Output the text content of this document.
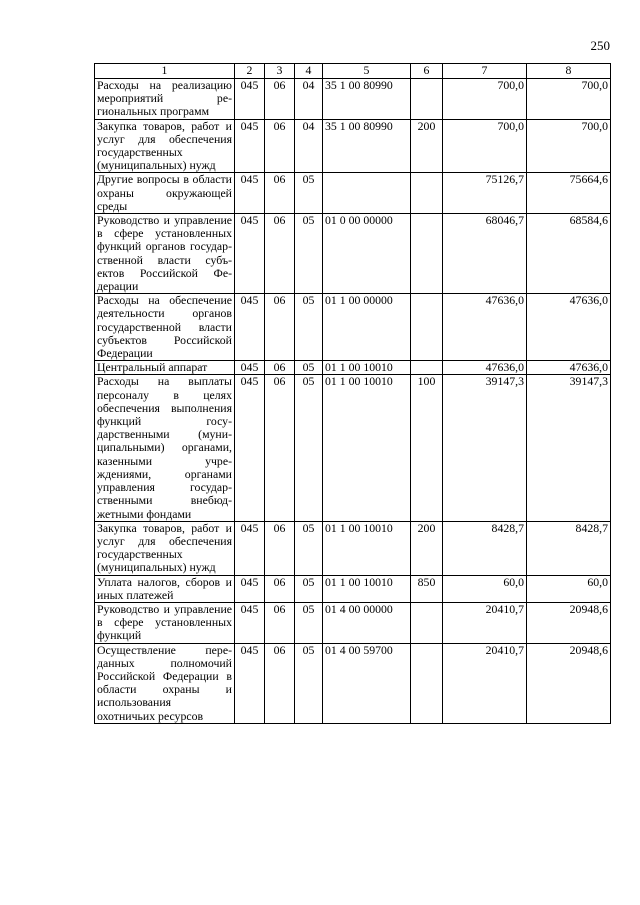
250
1	2	3	4	5	6	7	8
Расходы на реализацию мероприятий региональных программ	045	06	04	35 1 00 80990		700,0	700,0
Закупка товаров, работ и услуг для обеспечения государственных (муниципальных) нужд	045	06	04	35 1 00 80990	200	700,0	700,0
Другие вопросы в области охраны окружающей среды	045	06	05			75126,7	75664,6
Руководство и управление в сфере установленных функций органов государственной власти субъектов Российской Федерации	045	06	05	01 0 00 00000		68046,7	68584,6
Расходы на обеспечение деятельности органов государственной власти субъектов Российской Федерации	045	06	05	01 1 00 00000		47636,0	47636,0
Центральный аппарат	045	06	05	01 1 00 10010		47636,0	47636,0
Расходы на выплаты персоналу в целях обеспечения выполнения функций государственными (муниципальными) органами, казенными учреждениями, органами управления государственными внебюджетными фондами	045	06	05	01 1 00 10010	100	39147,3	39147,3
Закупка товаров, работ и услуг для обеспечения государственных (муниципальных) нужд	045	06	05	01 1 00 10010	200	8428,7	8428,7
Уплата налогов, сборов и иных платежей	045	06	05	01 1 00 10010	850	60,0	60,0
Руководство и управление в сфере установленных функций	045	06	05	01 4 00 00000		20410,7	20948,6
Осуществление переданных полномочий Российской Федерации в области охраны и использования охотничьих ресурсов	045	06	05	01 4 00 59700		20410,7	20948,6
